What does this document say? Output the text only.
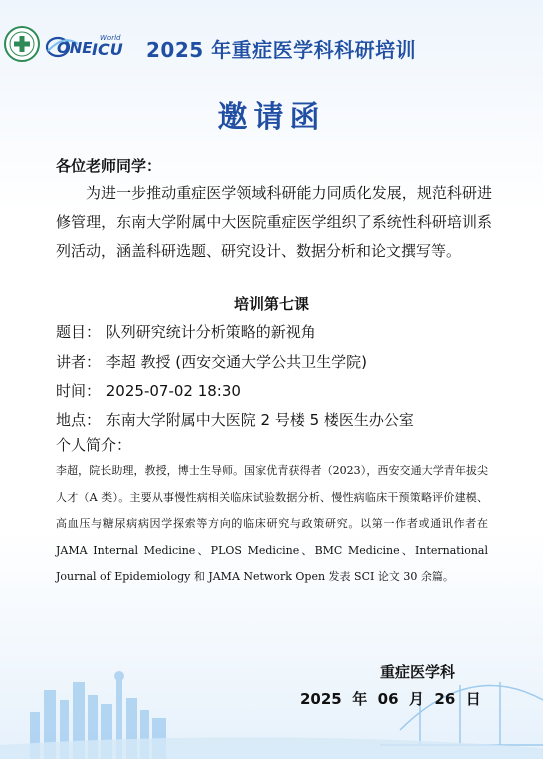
ONE ICU
World 2025 年重症医学科科研培训
邀请函
各位老师同学：
为进一步推动重症医学领域科研能力同质化发展，规范科研进修管理，东南大学附属中大医院重症医学组织了系统性科研培训系列活动，涵盖科研选题、研究设计、数据分析和论文撰写等。
培训第七课
题目： 队列研究统计分析策略的新视角
讲者： 李超 教授 (西安交通大学公共卫生学院)
时间： 2025-07-02 18:30
地点： 东南大学附属中大医院 2 号楼 5 楼医生办公室
个人简介：
李超，院长助理，教授，博士生导师。国家优青获得者（2023），西安交通大学青年拔尖人才（A 类）。主要从事慢性病相关临床试验数据分析、慢性病临床干预策略评价建模、高血压与糖尿病病因学探索等方向的临床研究与政策研究。以第一作者或通讯作者在 JAMA Internal Medicine、PLOS Medicine、BMC Medicine、International Journal of Epidemiology 和 JAMA Network Open 发表 SCI 论文 30 余篇。
重症医学科
2025  年  06  月  26  日
